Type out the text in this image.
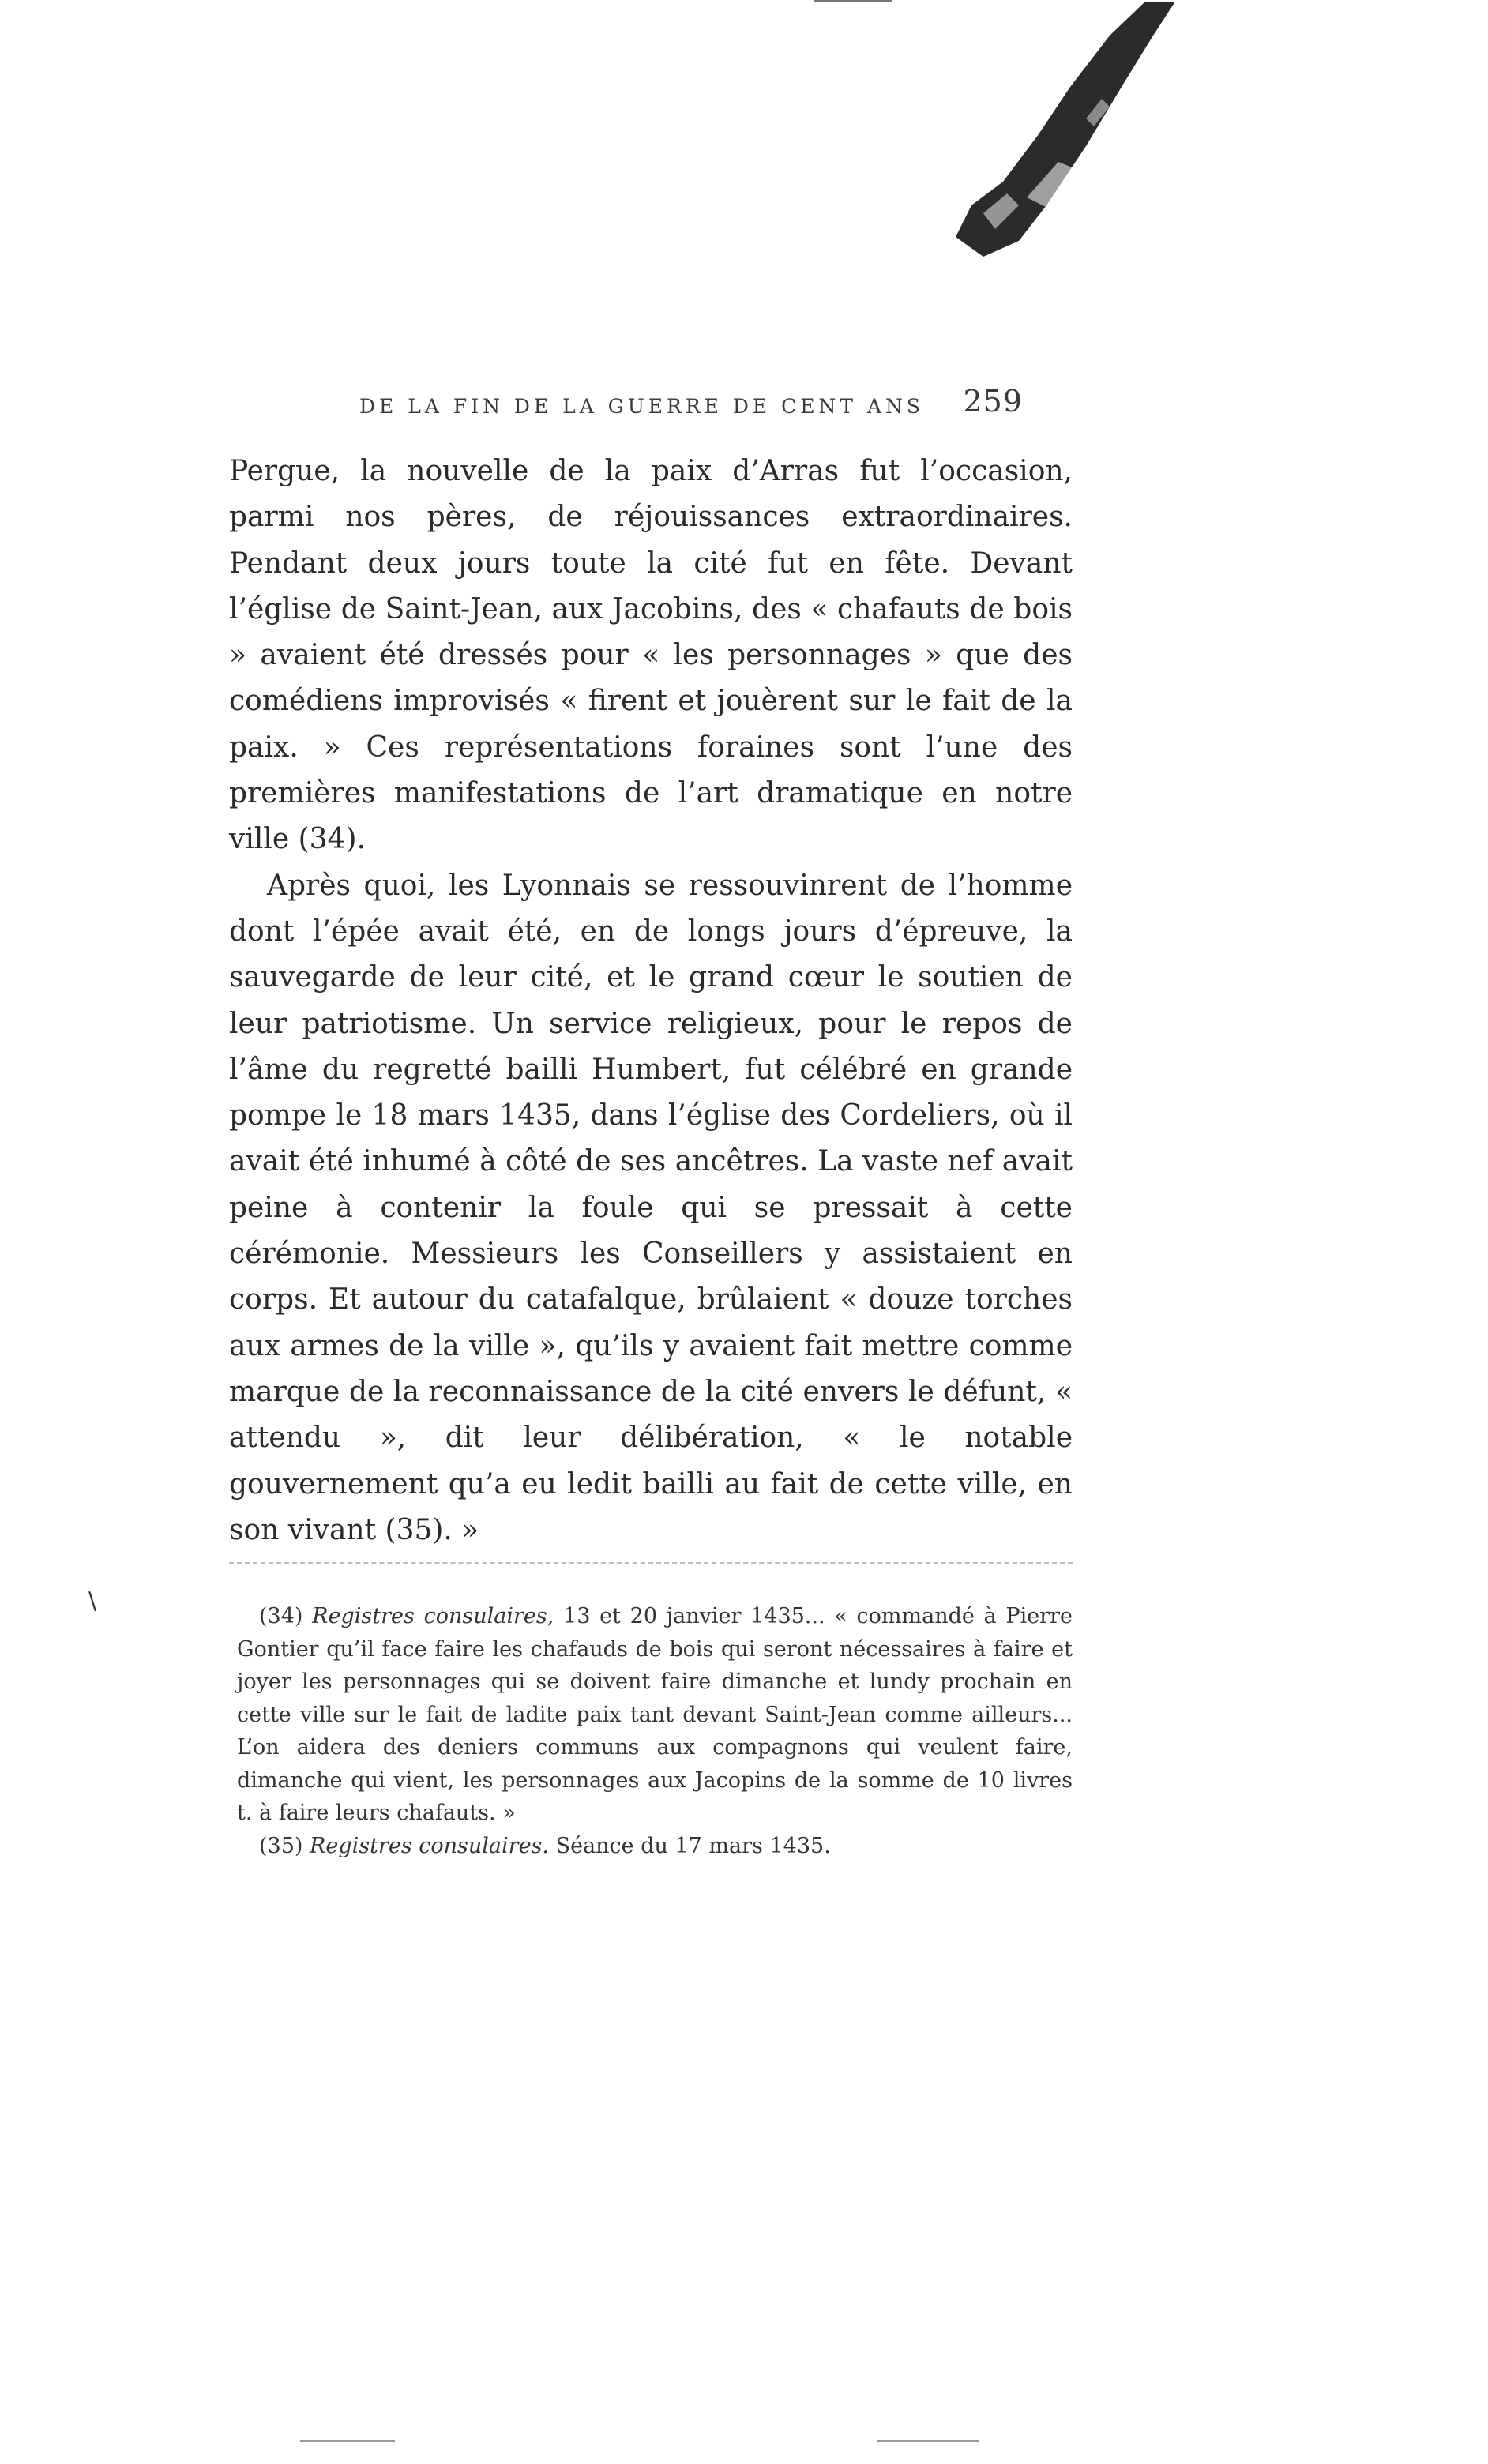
DE LA FIN DE LA GUERRE DE CENT ANS 259

Pergue, la nouvelle de la paix d’Arras fut l’occasion, parmi nos pères, de réjouissances extraordinaires. Pendant deux jours toute la cité fut en fête. Devant l’église de Saint-Jean, aux Jacobins, des « chafauts de bois » avaient été dressés pour « les personnages » que des comédiens improvisés « firent et jouèrent sur le fait de la paix. » Ces représentations foraines sont l’une des premières manifestations de l’art dramatique en notre ville (34).

Après quoi, les Lyonnais se ressouvinrent de l’homme dont l’épée avait été, en de longs jours d’épreuve, la sauvegarde de leur cité, et le grand cœur le soutien de leur patriotisme. Un service religieux, pour le repos de l’âme du regretté bailli Humbert, fut célébré en grande pompe le 18 mars 1435, dans l’église des Cordeliers, où il avait été inhumé à côté de ses ancêtres. La vaste nef avait peine à contenir la foule qui se pressait à cette cérémonie. Messieurs les Conseillers y assistaient en corps. Et autour du catafalque, brûlaient « douze torches aux armes de la ville », qu’ils y avaient fait mettre comme marque de la reconnaissance de la cité envers le défunt, « attendu », dit leur délibération, « le notable gouvernement qu’a eu ledit bailli au fait de cette ville, en son vivant (35). »

\

(34) Registres consulaires, 13 et 20 janvier 1435... « commandé à Pierre Gontier qu’il face faire les chafauds de bois qui seront nécessaires à faire et joyer les personnages qui se doivent faire dimanche et lundy prochain en cette ville sur le fait de ladite paix tant devant Saint-Jean comme ailleurs... L’on aidera des deniers communs aux compagnons qui veulent faire, dimanche qui vient, les personnages aux Jacopins de la somme de 10 livres t. à faire leurs chafauts. »

(35) Registres consulaires. Séance du 17 mars 1435.
